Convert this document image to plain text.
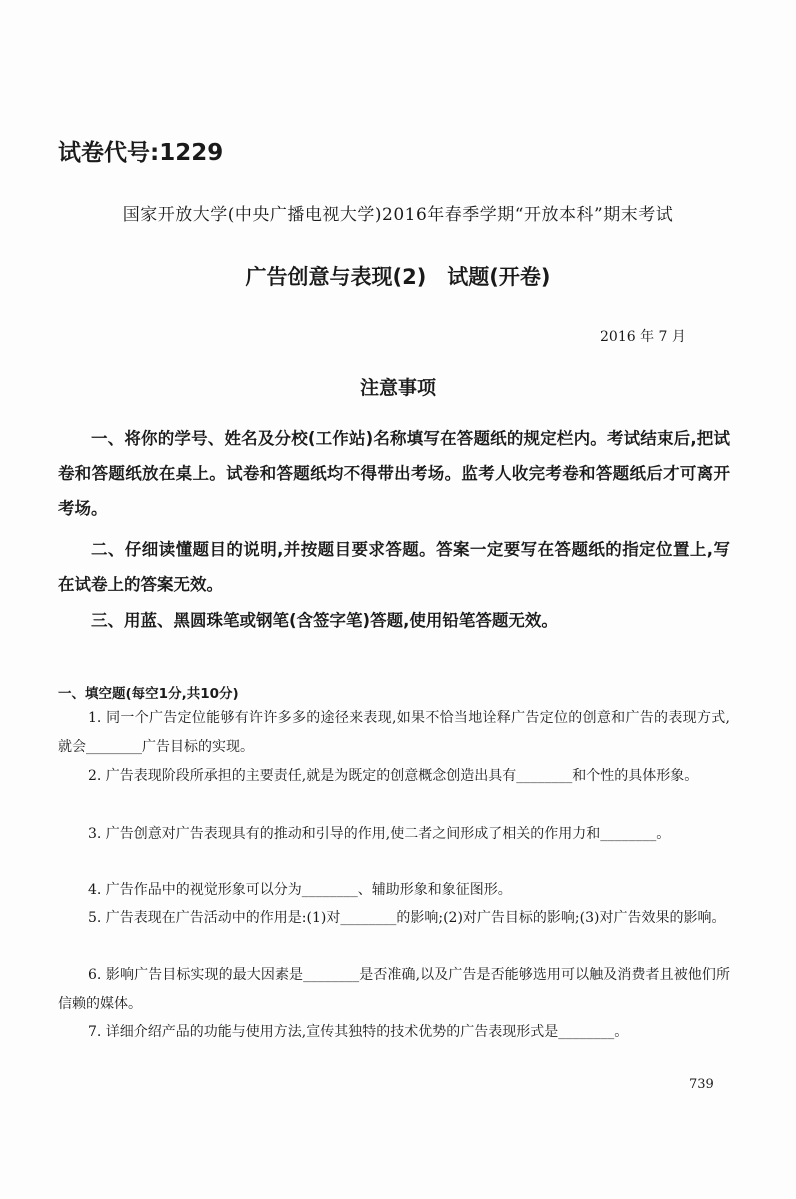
试卷代号:1229
国家开放大学(中央广播电视大学)2016年春季学期“开放本科”期末考试
广告创意与表现(2)　试题(开卷)
2016 年 7 月
注意事项
一、将你的学号、姓名及分校(工作站)名称填写在答题纸的规定栏内。考试结束后,把试卷和答题纸放在桌上。试卷和答题纸均不得带出考场。监考人收完考卷和答题纸后才可离开考场。
二、仔细读懂题目的说明,并按题目要求答题。答案一定要写在答题纸的指定位置上,写在试卷上的答案无效。
三、用蓝、黑圆珠笔或钢笔(含签字笔)答题,使用铅笔答题无效。
一、填空题(每空1分,共10分)
1. 同一个广告定位能够有许许多多的途径来表现,如果不恰当地诠释广告定位的创意和广告的表现方式,就会________广告目标的实现。
2. 广告表现阶段所承担的主要责任,就是为既定的创意概念创造出具有________和个性的具体形象。
3. 广告创意对广告表现具有的推动和引导的作用,使二者之间形成了相关的作用力和________。
4. 广告作品中的视觉形象可以分为________、辅助形象和象征图形。
5. 广告表现在广告活动中的作用是:(1)对________的影响;(2)对广告目标的影响;(3)对广告效果的影响。
6. 影响广告目标实现的最大因素是________是否准确,以及广告是否能够选用可以触及消费者且被他们所信赖的媒体。
7. 详细介绍产品的功能与使用方法,宣传其独特的技术优势的广告表现形式是________。
739
